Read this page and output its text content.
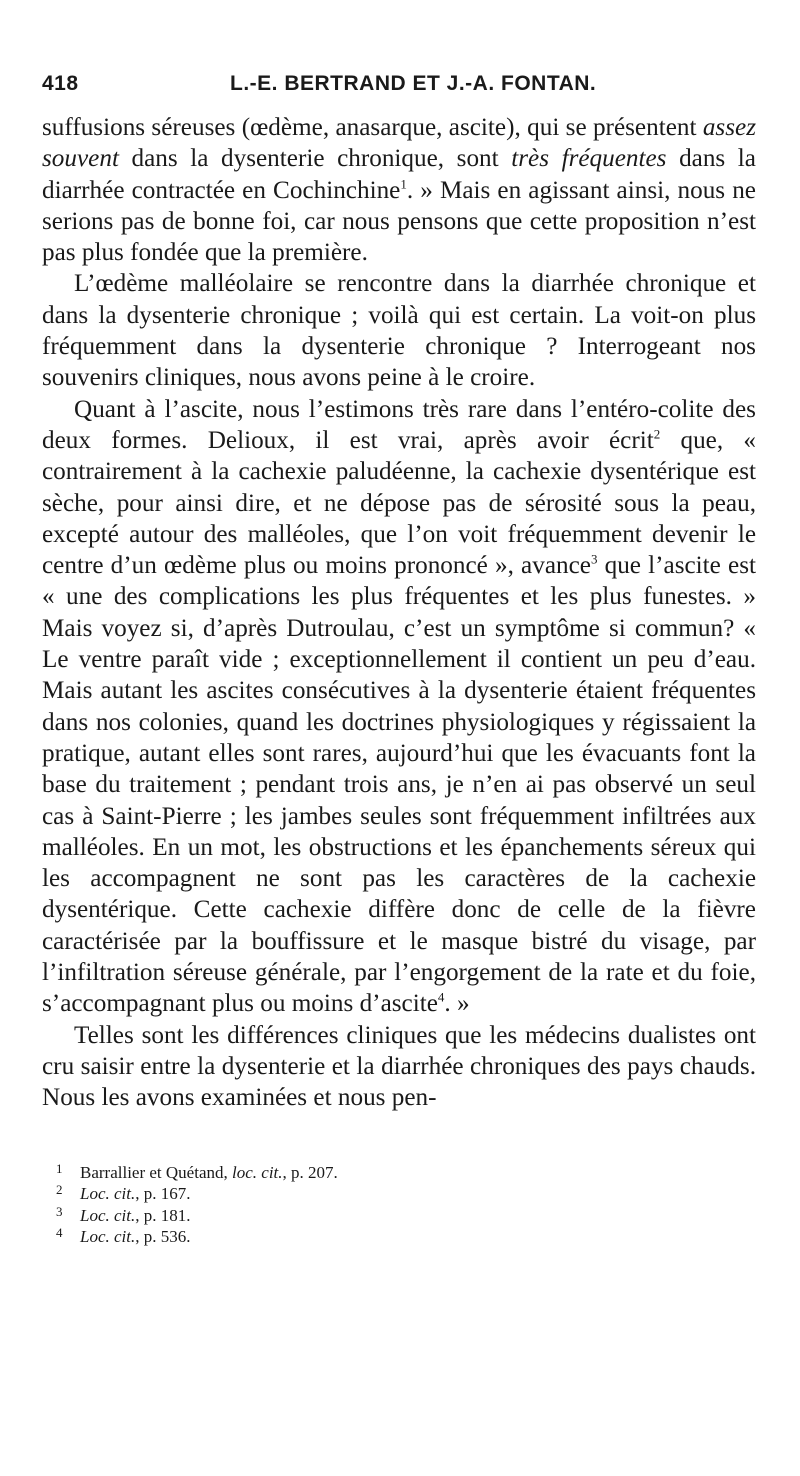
418	L.-E. BERTRAND ET J.-A. FONTAN.

suffusions séreuses (œdème, anasarque, ascite), qui se présentent assez souvent dans la dysenterie chronique, sont très fréquentes dans la diarrhée contractée en Cochinchine$^1$. » Mais en agissant ainsi, nous ne serions pas de bonne foi, car nous pensons que cette proposition n’est pas plus fondée que la première.

L’œdème malléolaire se rencontre dans la diarrhée chronique et dans la dysenterie chronique ; voilà qui est certain. La voit-on plus fréquemment dans la dysenterie chronique ? Interrogeant nos souvenirs cliniques, nous avons peine à le croire.

Quant à l’ascite, nous l’estimons très rare dans l’entéro-colite des deux formes. Delioux, il est vrai, après avoir écrit$^2$ que, « contrairement à la cachexie paludéenne, la cachexie dysentérique est sèche, pour ainsi dire, et ne dépose pas de sérosité sous la peau, excepté autour des malléoles, que l’on voit fréquemment devenir le centre d’un œdème plus ou moins prononcé », avance$^3$ que l’ascite est « une des complications les plus fréquentes et les plus funestes. » Mais voyez si, d’après Dutroulau, c’est un symptôme si commun? « Le ventre paraît vide ; exceptionnellement il contient un peu d’eau. Mais autant les ascites consécutives à la dysenterie étaient fréquentes dans nos colonies, quand les doctrines physiologiques y régissaient la pratique, autant elles sont rares, aujourd’hui que les évacuants font la base du traitement ; pendant trois ans, je n’en ai pas observé un seul cas à Saint-Pierre ; les jambes seules sont fréquemment infiltrées aux malléoles. En un mot, les obstructions et les épanchements séreux qui les accompagnent ne sont pas les caractères de la cachexie dysentérique. Cette cachexie diffère donc de celle de la fièvre caractérisée par la bouffissure et le masque bistré du visage, par l’infiltration séreuse générale, par l’engorgement de la rate et du foie, s’accompagnant plus ou moins d’ascite$^4$. »

Telles sont les différences cliniques que les médecins dualistes ont cru saisir entre la dysenterie et la diarrhée chroniques des pays chauds. Nous les avons examinées et nous pen-

1	Barrallier et Quétand, loc. cit., p. 207.
2	Loc. cit., p. 167.
3	Loc. cit., p. 181.
4	Loc. cit., p. 536.
